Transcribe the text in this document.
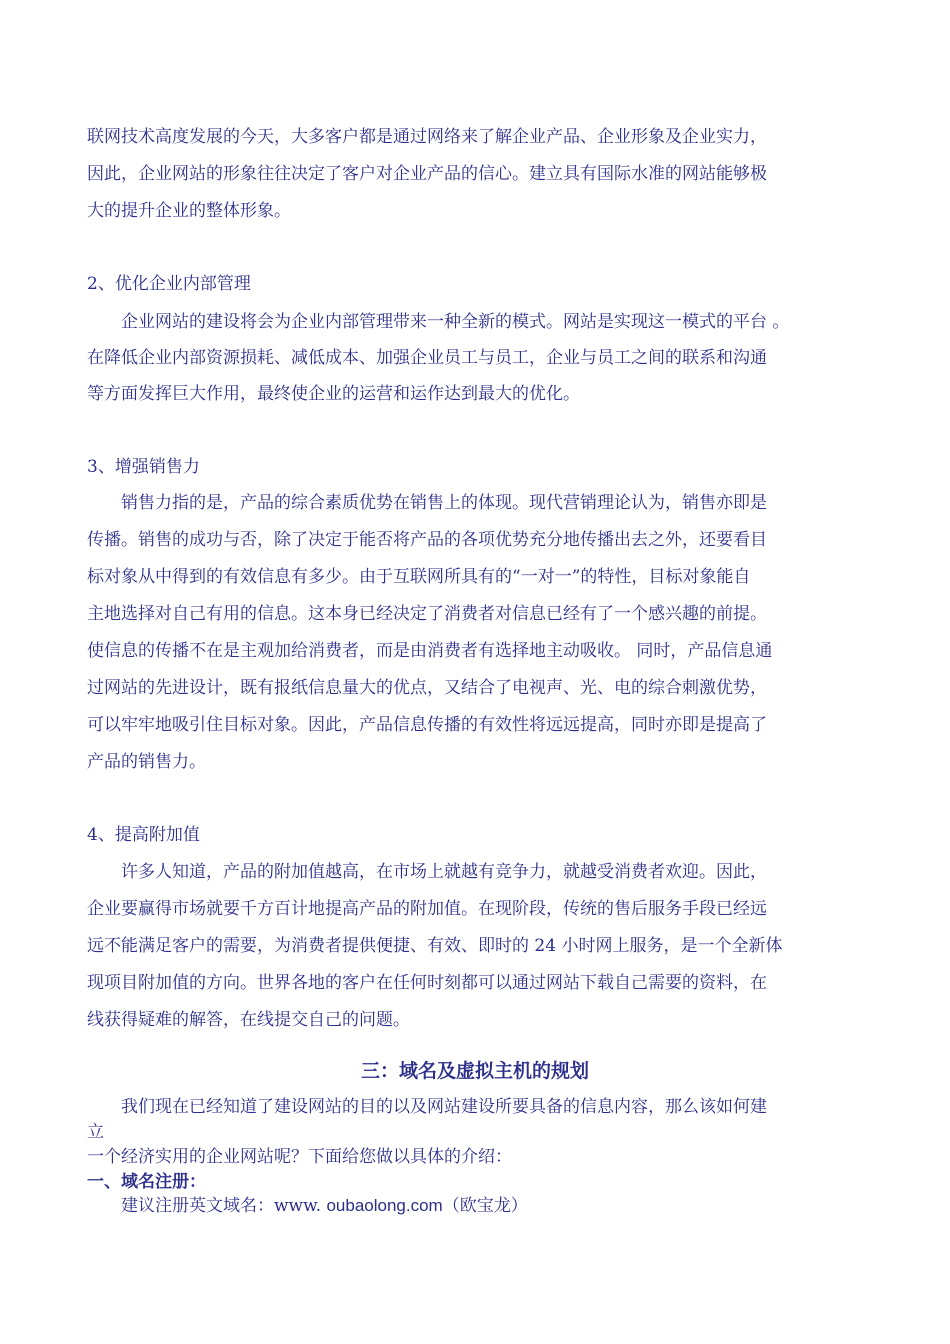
联网技术高度发展的今天，大多客户都是通过网络来了解企业产品、企业形象及企业实力，
因此，企业网站的形象往往决定了客户对企业产品的信心。建立具有国际水准的网站能够极
大的提升企业的整体形象。
2、优化企业内部管理
企业网站的建设将会为企业内部管理带来一种全新的模式。网站是实现这一模式的平台 。
在降低企业内部资源损耗、减低成本、加强企业员工与员工，企业与员工之间的联系和沟通
等方面发挥巨大作用，最终使企业的运营和运作达到最大的优化。
3、增强销售力
销售力指的是，产品的综合素质优势在销售上的体现。现代营销理论认为，销售亦即是
传播。销售的成功与否，除了决定于能否将产品的各项优势充分地传播出去之外，还要看目
标对象从中得到的有效信息有多少。由于互联网所具有的“一对一”的特性，目标对象能自
主地选择对自己有用的信息。这本身已经决定了消费者对信息已经有了一个感兴趣的前提。
使信息的传播不在是主观加给消费者，而是由消费者有选择地主动吸收。 同时，产品信息通
过网站的先进设计，既有报纸信息量大的优点，又结合了电视声、光、电的综合刺激优势，
可以牢牢地吸引住目标对象。因此，产品信息传播的有效性将远远提高，同时亦即是提高了
产品的销售力。
4、提高附加值
许多人知道，产品的附加值越高，在市场上就越有竞争力，就越受消费者欢迎。因此，
企业要赢得市场就要千方百计地提高产品的附加值。在现阶段，传统的售后服务手段已经远
远不能满足客户的需要，为消费者提供便捷、有效、即时的 24 小时网上服务，是一个全新体
现项目附加值的方向。世界各地的客户在任何时刻都可以通过网站下载自己需要的资料，在
线获得疑难的解答，在线提交自己的问题。
三：域名及虚拟主机的规划
我们现在已经知道了建设网站的目的以及网站建设所要具备的信息内容，那么该如何建
立
一个经济实用的企业网站呢？下面给您做以具体的介绍：
一、域名注册：
建议注册英文域名：www. oubaolong.com（欧宝龙）
